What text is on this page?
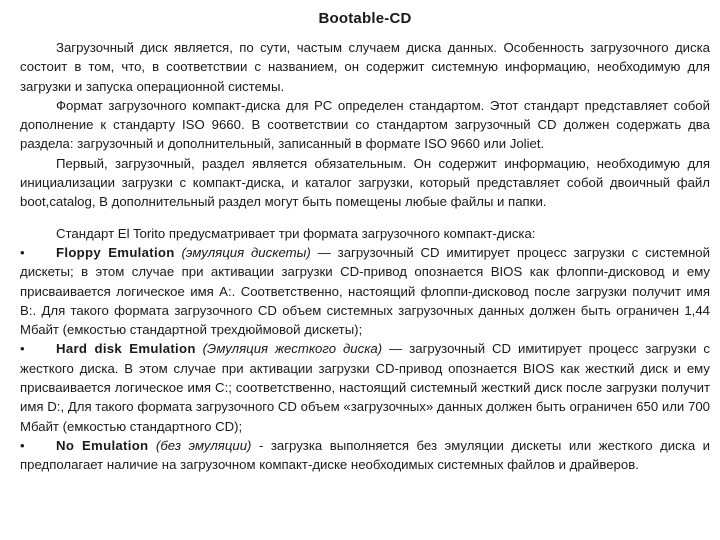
Bootable-CD

Загрузочный диск является, по сути, частым случаем диска данных. Особенность загрузочного диска состоит в том, что, в соответствии с названием, он содержит системную информацию, необходимую для загрузки и запуска операционной системы.

Формат загрузочного компакт-диска для PC определен стандартом. Этот стандарт представляет собой дополнение к стандарту ISO 9660. В соответствии со стандартом загрузочный CD должен содержать два раздела: загрузочный и дополнительный, записанный в формате ISO 9660 или Joliet.

Первый, загрузочный, раздел является обязательным. Он содержит информацию, необходимую для инициализации загрузки с компакт-диска, и каталог загрузки, который представляет собой двоичный файл boot,catalog, В дополнительный раздел могут быть помещены любые файлы и папки.

Стандарт El Torito предусматривает три формата загрузочного компакт-диска:

• Floppy Emulation (эмуляция дискеты) — загрузочный CD имитирует процесс загрузки с системной дискеты; в этом случае при активации загрузки CD-привод опознается BIOS как флоппи-дисковод и ему присваивается логическое имя A:. Соответственно, настоящий флоппи-дисковод после загрузки получит имя B:. Для такого формата загрузочного CD объем системных загрузочных данных должен быть ограничен 1,44 Мбайт (емкостью стандартной трехдюймовой дискеты);

• Hard disk Emulation (Эмуляция жесткого диска) — загрузочный CD имитирует процесс загрузки с жесткого диска. В этом случае при активации загрузки CD-привод опознается BIOS как жесткий диск и ему присваивается логическое имя C:; соответственно, настоящий системный жесткий диск после загрузки получит имя D:, Для такого формата загрузочного CD объем «загрузочных» данных должен быть ограничен 650 или 700 Мбайт (емкостью стандартного CD);

• No Emulation (без эмуляции) - загрузка выполняется без эмуляции дискеты или жесткого диска и предполагает наличие на загрузочном компакт-диске необходимых системных файлов и драйверов.
